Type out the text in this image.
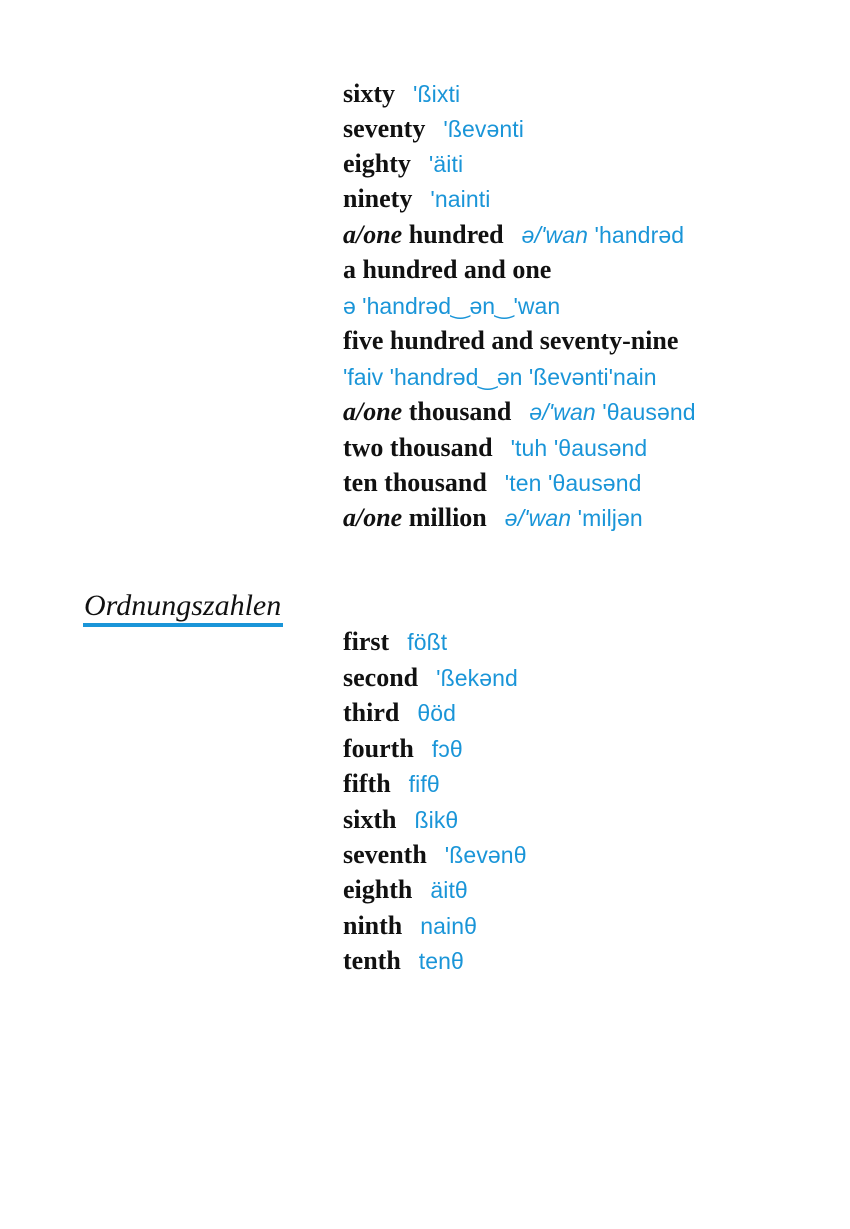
sixty 'ßixti
seventy 'ßevənti
eighty 'äiti
ninety 'nainti
a/one hundred ə/'wan 'handrəd
a hundred and one
ə 'handrəd‿ən‿'wan
five hundred and seventy-nine
'faiv 'handrəd‿ən 'ßevənti'nain
a/one thousand ə/'wan 'θausənd
two thousand 'tuh 'θausənd
ten thousand 'ten 'θausənd
a/one million ə/'wan 'miljən
Ordnungszahlen
first fößt
second 'ßekənd
third θöd
fourth fɔθ
fifth fifθ
sixth ßikθ
seventh 'ßevənθ
eighth äitθ
ninth nainθ
tenth tenθ
